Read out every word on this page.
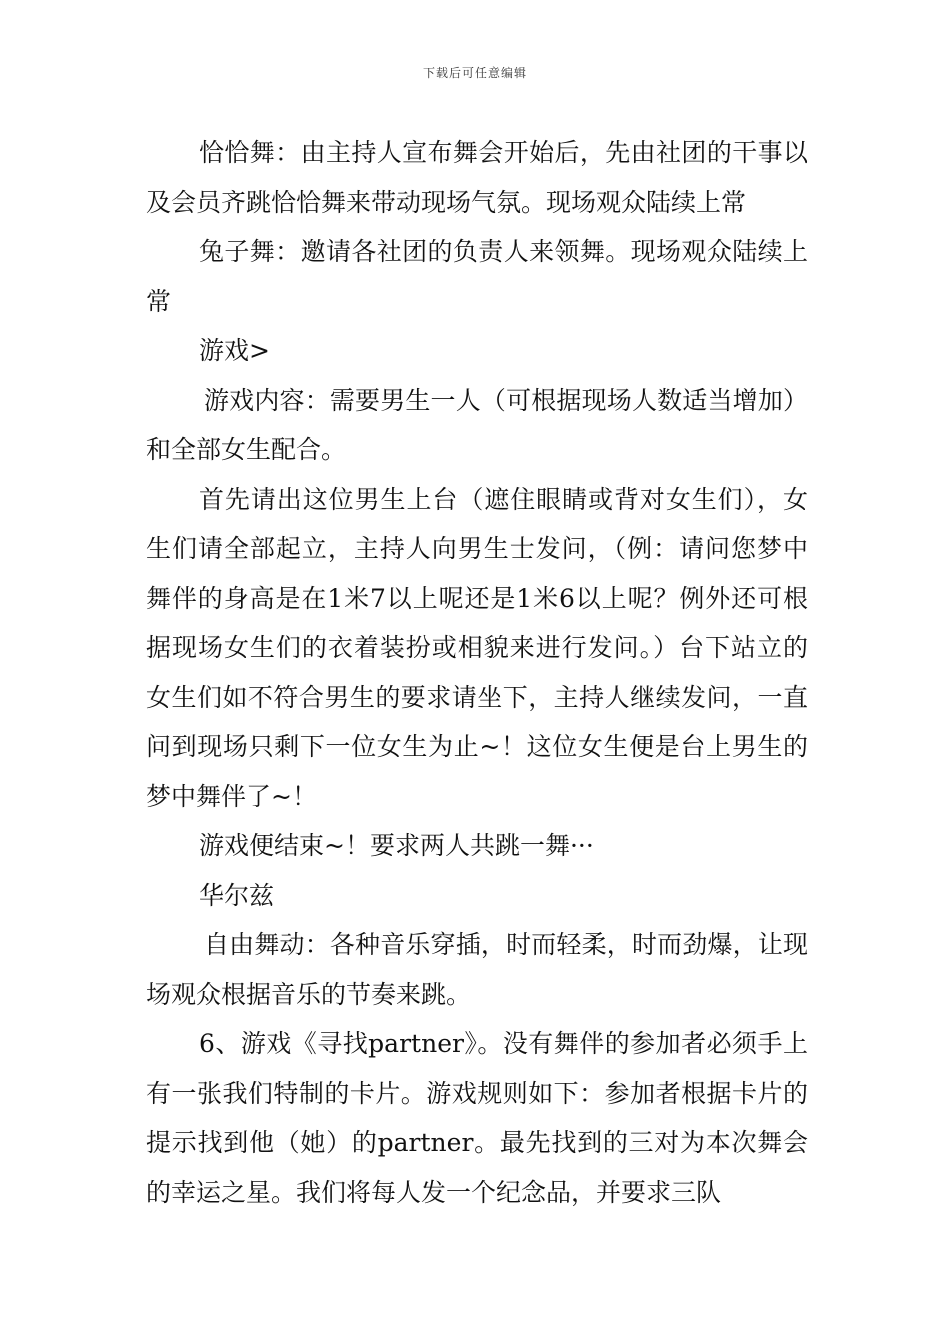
下载后可任意编辑

恰恰舞：由主持人宣布舞会开始后，先由社团的干事以及会员齐跳恰恰舞来带动现场气氛。现场观众陆续上常

兔子舞：邀请各社团的负责人来领舞。现场观众陆续上常

游戏>

游戏内容：需要男生一人（可根据现场人数适当增加）和全部女生配合。

首先请出这位男生上台（遮住眼睛或背对女生们），女生们请全部起立，主持人向男生士发问，（例：请问您梦中舞伴的身高是在1米7以上呢还是1米6以上呢？例外还可根据现场女生们的衣着装扮或相貌来进行发问。）台下站立的女生们如不符合男生的要求请坐下，主持人继续发问，一直问到现场只剩下一位女生为止~！这位女生便是台上男生的梦中舞伴了~！

游戏便结束~！要求两人共跳一舞···

华尔兹

自由舞动：各种音乐穿插，时而轻柔，时而劲爆，让现场观众根据音乐的节奏来跳。

6、游戏《寻找partner》。没有舞伴的参加者必须手上有一张我们特制的卡片。游戏规则如下：参加者根据卡片的提示找到他（她）的partner。最先找到的三对为本次舞会的幸运之星。我们将每人发一个纪念品，并要求三队
